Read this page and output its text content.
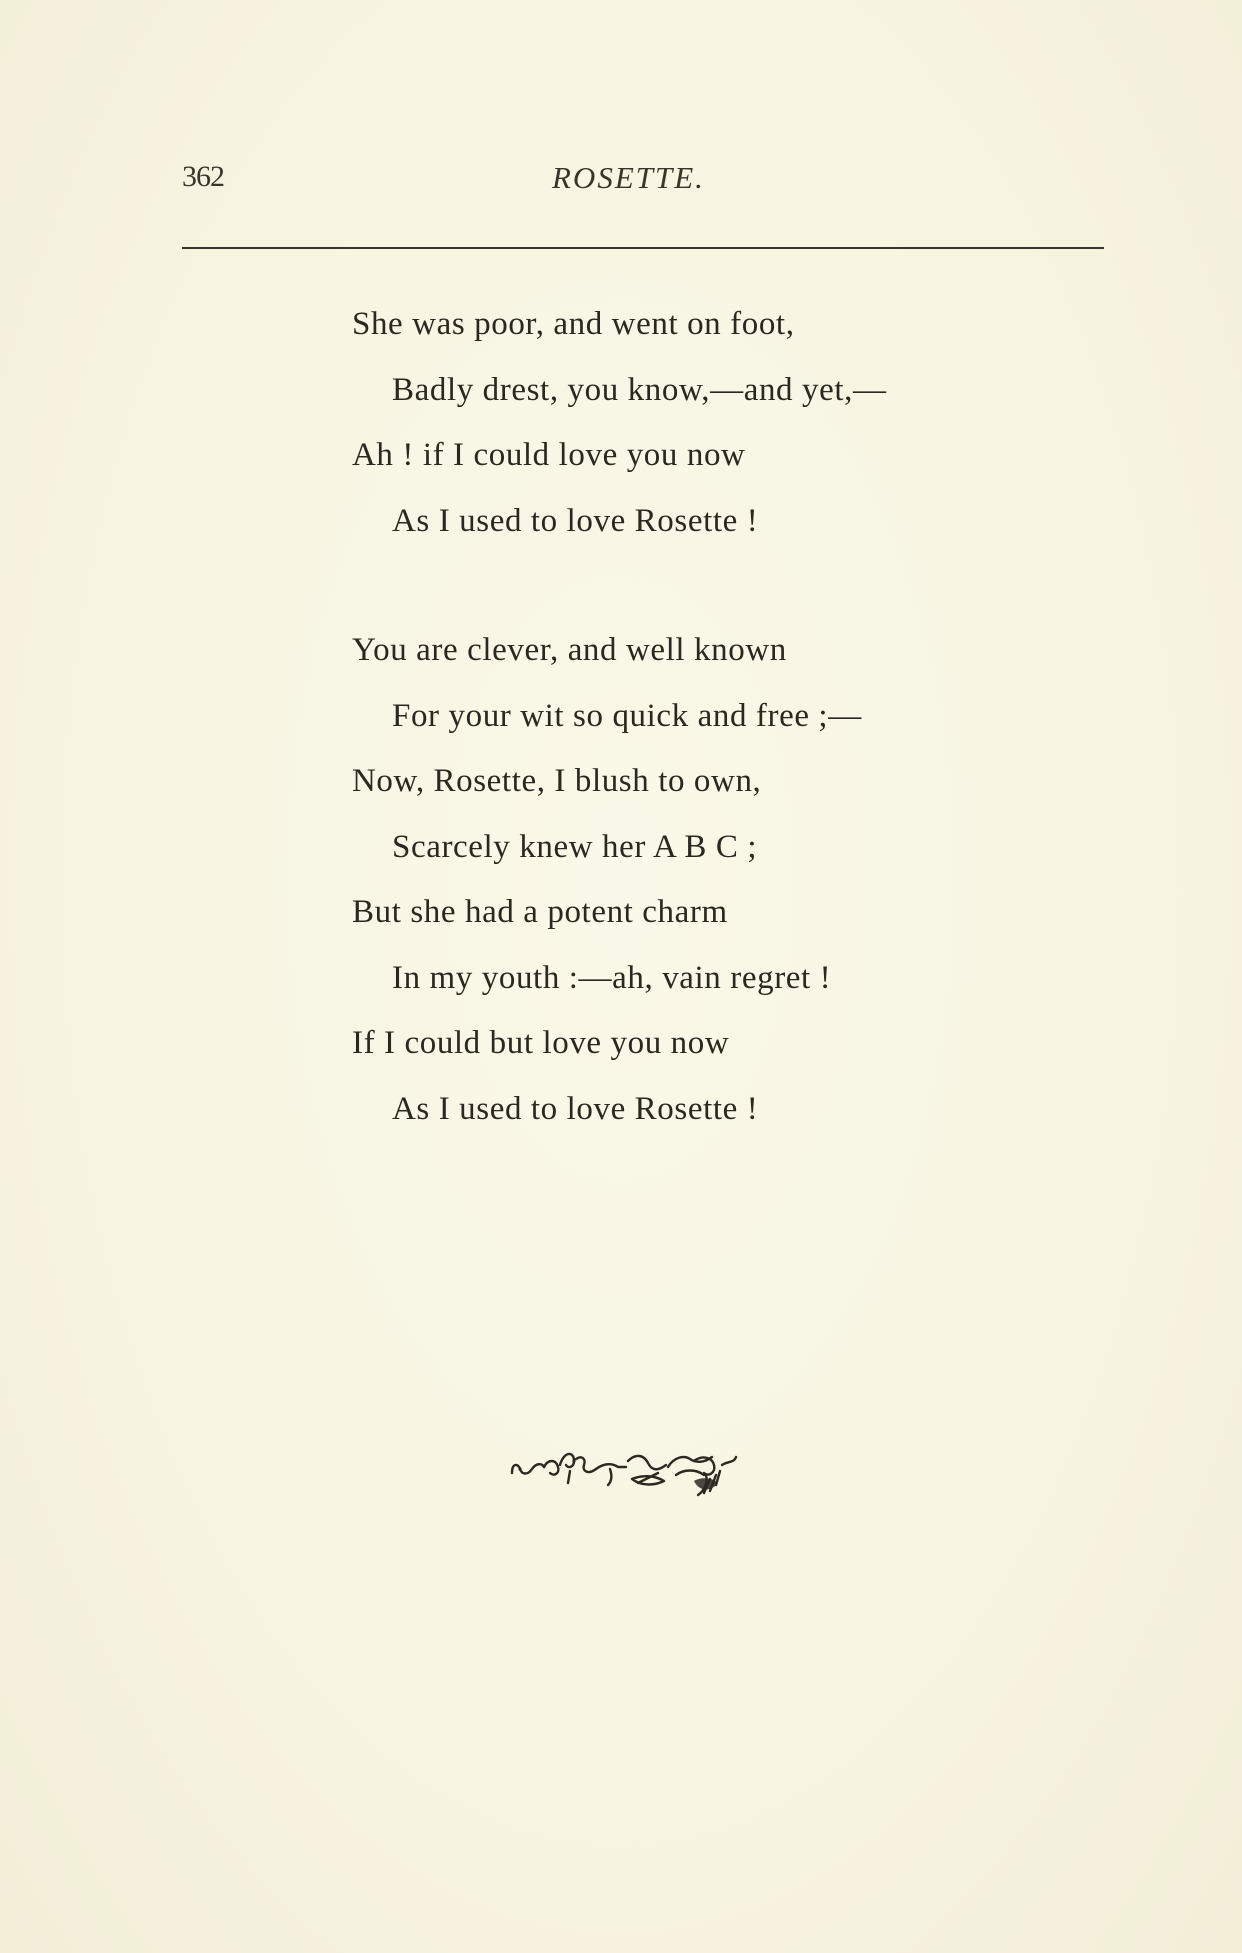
362	ROSETTE.
She was poor, and went on foot,
Badly drest, you know,—and yet,—
Ah ! if I could love you now
As I used to love Rosette !
You are clever, and well known
For your wit so quick and free ;—
Now, Rosette, I blush to own,
Scarcely knew her A B C ;
But she had a potent charm
In my youth :—ah, vain regret !
If I could but love you now
As I used to love Rosette !
